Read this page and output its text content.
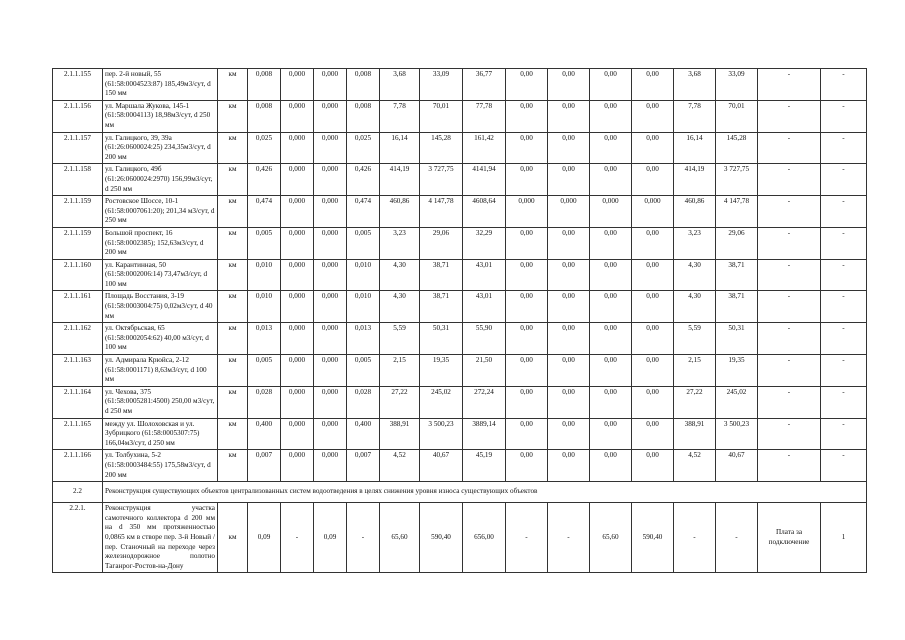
2.1.1.155	пер. 2-й новый, 55 (61:58:0004523:87) 185,49м3/сут, d 150 мм	км	0,008	0,000	0,000	0,008	3,68	33,09	36,77	0,00	0,00	0,00	0,00	3,68	33,09	-	-
2.1.1.156	ул. Маршала Жукова, 145-1 (61:58:0004113) 18,98м3/сут, d 250 мм	км	0,008	0,000	0,000	0,008	7,78	70,01	77,78	0,00	0,00	0,00	0,00	7,78	70,01	-	-
2.1.1.157	ул. Галицкого, 39, 39а (61:26:0600024:25) 234,35м3/сут, d 200 мм	км	0,025	0,000	0,000	0,025	16,14	145,28	161,42	0,00	0,00	0,00	0,00	16,14	145,28	-	-
2.1.1.158	ул. Галицкого, 49б (61:26:0600024:2970) 156,99м3/сут, d 250 мм	км	0,426	0,000	0,000	0,426	414,19	3 727,75	4141,94	0,00	0,00	0,00	0,00	414,19	3 727,75	-	-
2.1.1.159	Ростовское Шоссе, 10-1 (61:58:0007061:20); 201,34 м3/сут, d 250 мм	км	0,474	0,000	0,000	0,474	460,86	4 147,78	4608,64	0,000	0,000	0,000	0,000	460,86	4 147,78	-	-
2.1.1.159	Большой проспект, 16 (61:58:0002385); 152,63м3/сут, d 200 мм	км	0,005	0,000	0,000	0,005	3,23	29,06	32,29	0,00	0,00	0,00	0,00	3,23	29,06	-	-
2.1.1.160	ул. Карантинная, 50 (61:58:0002006:14) 73,47м3/сут, d 100 мм	км	0,010	0,000	0,000	0,010	4,30	38,71	43,01	0,00	0,00	0,00	0,00	4,30	38,71	-	-
2.1.1.161	Площадь Восстания, 3-19 (61:58:0003004:75) 0,02м3/сут, d 40 мм	км	0,010	0,000	0,000	0,010	4,30	38,71	43,01	0,00	0,00	0,00	0,00	4,30	38,71	-	-
2.1.1.162	ул. Октябрьская, 65 (61:58:0002054:62) 40,00 м3/сут, d 100 мм	км	0,013	0,000	0,000	0,013	5,59	50,31	55,90	0,00	0,00	0,00	0,00	5,59	50,31	-	-
2.1.1.163	ул. Адмирала Крюйса, 2-12 (61:58:0001171) 8,63м3/сут, d 100 мм	км	0,005	0,000	0,000	0,005	2,15	19,35	21,50	0,00	0,00	0,00	0,00	2,15	19,35	-	-
2.1.1.164	ул. Чехова, 375 (61:58:0005281:4500) 250,00 м3/сут, d 250 мм	км	0,028	0,000	0,000	0,028	27,22	245,02	272,24	0,00	0,00	0,00	0,00	27,22	245,02	-	-
2.1.1.165	между ул. Шолоховская и ул. Зубрицкого (61:58:0005307:75) 166,04м3/сут, d 250 мм	км	0,400	0,000	0,000	0,400	388,91	3 500,23	3889,14	0,00	0,00	0,00	0,00	388,91	3 500,23	-	-
2.1.1.166	ул. Толбухина, 5-2 (61:58:0003484:55) 175,58м3/сут, d 200 мм	км	0,007	0,000	0,000	0,007	4,52	40,67	45,19	0,00	0,00	0,00	0,00	4,52	40,67	-	-
2.2	Реконструкция существующих объектов централизованных систем водоотведения в целях снижения уровня износа существующих объектов																
2.2.1.	Реконструкция участка самотечного коллектора d 200 мм на d 350 мм протяженностью 0,0865 км в створе пер. 3-й Новый / пер. Станочный на переходе через железнодорожное полотно Таганрог-Ростов-на-Дону	км	0,09	-	0,09	-	65,60	590,40	656,00	-	-	65,60	590,40	-	-	Плата за подключение	1
